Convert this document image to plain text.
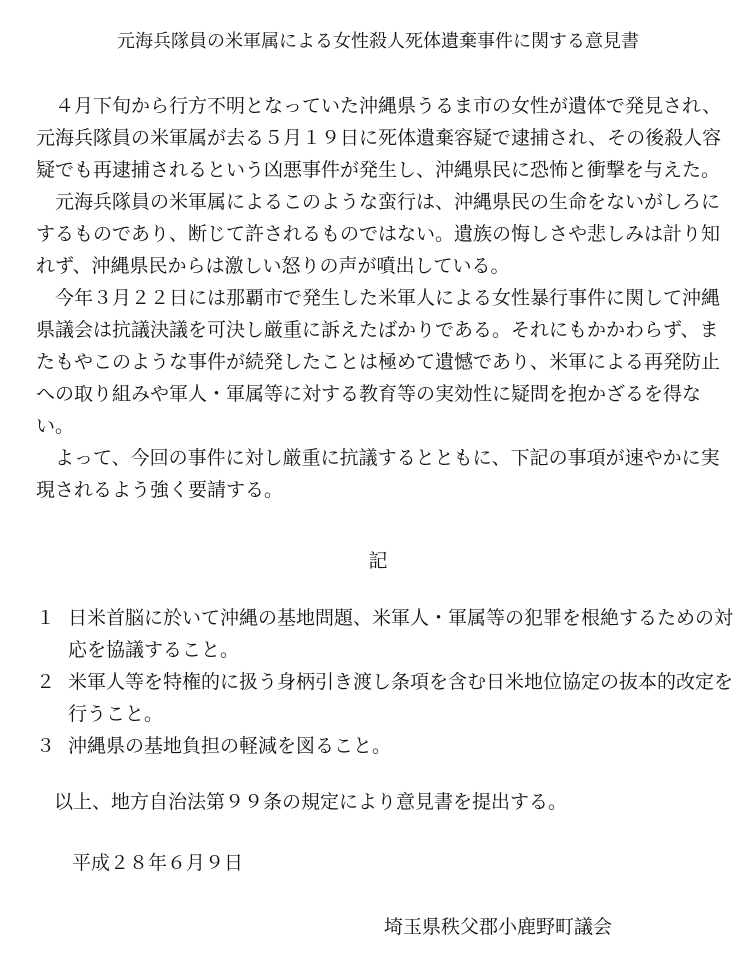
元海兵隊員の米軍属による女性殺人死体遺棄事件に関する意見書

４月下旬から行方不明となっていた沖縄県うるま市の女性が遺体で発見され、元海兵隊員の米軍属が去る５月１９日に死体遺棄容疑で逮捕され、その後殺人容疑でも再逮捕されるという凶悪事件が発生し、沖縄県民に恐怖と衝撃を与えた。

元海兵隊員の米軍属によるこのような蛮行は、沖縄県民の生命をないがしろにするものであり、断じて許されるものではない。遺族の悔しさや悲しみは計り知れず、沖縄県民からは激しい怒りの声が噴出している。

今年３月２２日には那覇市で発生した米軍人による女性暴行事件に関して沖縄県議会は抗議決議を可決し厳重に訴えたばかりである。それにもかかわらず、またもやこのような事件が続発したことは極めて遺憾であり、米軍による再発防止への取り組みや軍人・軍属等に対する教育等の実効性に疑問を抱かざるを得ない。

よって、今回の事件に対し厳重に抗議するとともに、下記の事項が速やかに実現されるよう強く要請する。

記
１ 日米首脳に於いて沖縄の基地問題、米軍人・軍属等の犯罪を根絶するための対応を協議すること。
２ 米軍人等を特権的に扱う身柄引き渡し条項を含む日米地位協定の抜本的改定を行うこと。
３ 沖縄県の基地負担の軽減を図ること。
以上、地方自治法第９９条の規定により意見書を提出する。
平成２８年６月９日
埼玉県秩父郡小鹿野町議会
